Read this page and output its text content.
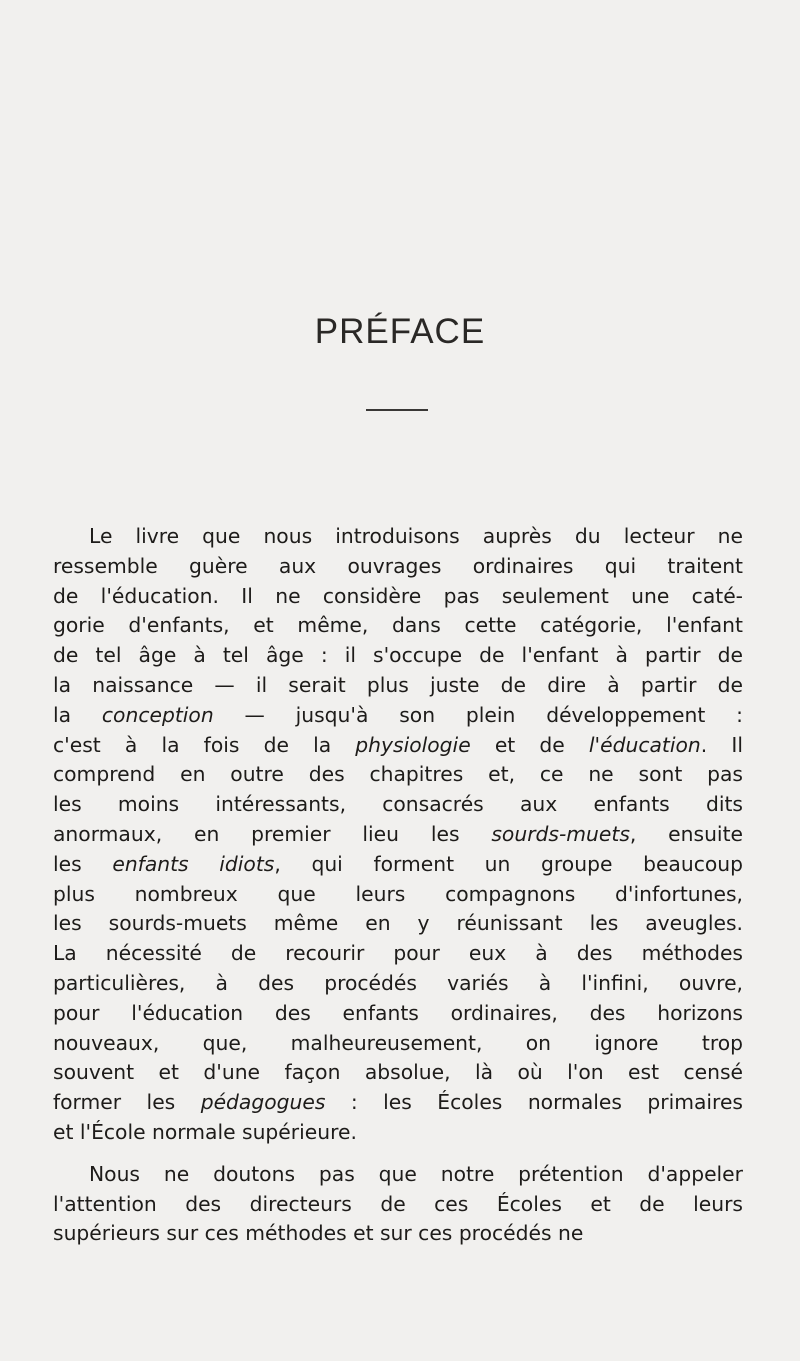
PRÉFACE

Le livre que nous introduisons auprès du lecteur ne
ressemble guère aux ouvrages ordinaires qui traitent
de l'éducation. Il ne considère pas seulement une caté-
gorie d'enfants, et même, dans cette catégorie, l'enfant
de tel âge à tel âge : il s'occupe de l'enfant à partir de
la naissance — il serait plus juste de dire à partir de
la conception — jusqu'à son plein développement :
c'est à la fois de la physiologie et de l'éducation. Il
comprend en outre des chapitres et, ce ne sont pas
les moins intéressants, consacrés aux enfants dits
anormaux, en premier lieu les sourds-muets, ensuite
les enfants idiots, qui forment un groupe beaucoup
plus nombreux que leurs compagnons d'infortunes,
les sourds-muets même en y réunissant les aveugles.
La nécessité de recourir pour eux à des méthodes
particulières, à des procédés variés à l'infini, ouvre,
pour l'éducation des enfants ordinaires, des horizons
nouveaux, que, malheureusement, on ignore trop
souvent et d'une façon absolue, là où l'on est censé
former les pédagogues : les Écoles normales primaires
et l'École normale supérieure.

Nous ne doutons pas que notre prétention d'appeler
l'attention des directeurs de ces Écoles et de leurs
supérieurs sur ces méthodes et sur ces procédés ne
